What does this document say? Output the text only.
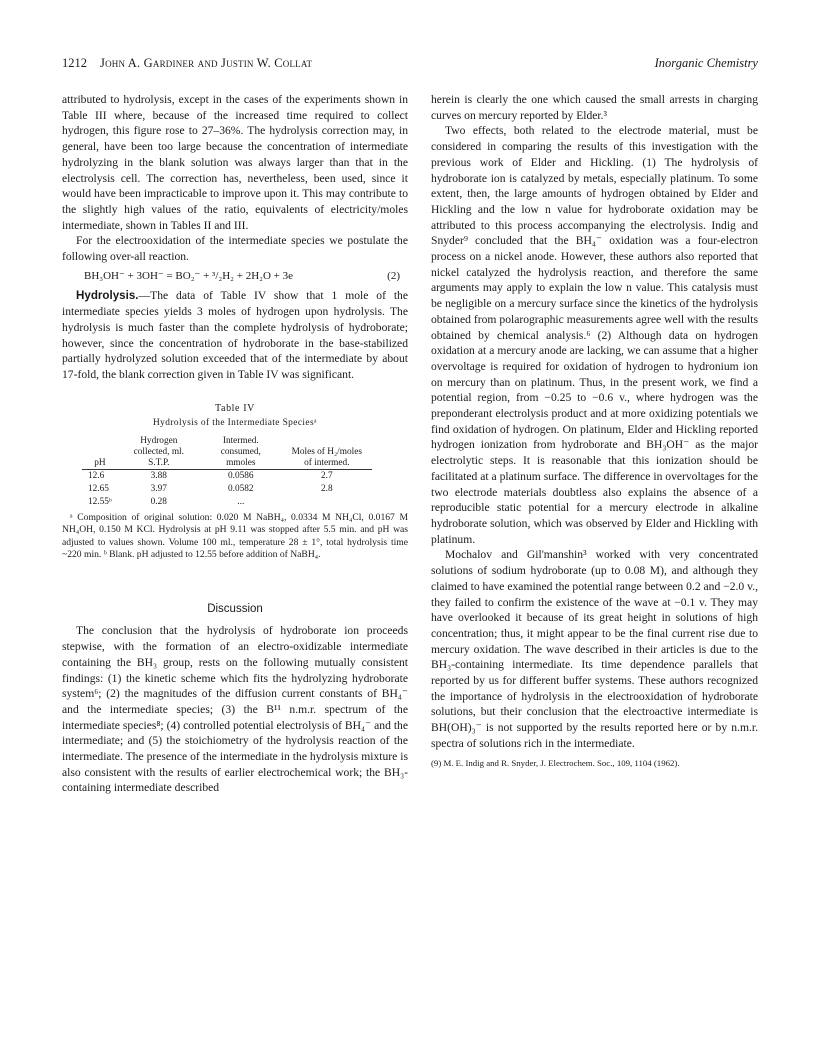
1212 John A. Gardiner and Justin W. Collat	Inorganic Chemistry

attributed to hydrolysis, except in the cases of the experiments shown in Table III where, because of the increased time required to collect hydrogen, this figure rose to 27–36%. The hydrolysis correction may, in general, have been too large because the concentration of intermediate hydrolyzing in the blank solution was always larger than that in the electrolysis cell. The correction has, nevertheless, been used, since it would have been impracticable to improve upon it. This may contribute to the slightly high values of the ratio, equivalents of electricity/moles intermediate, shown in Tables II and III.

For the electrooxidation of the intermediate species we postulate the following over-all reaction.

BH₃OH⁻ + 3OH⁻ = BO₂⁻ + ³/₂H₂ + 2H₂O + 3e	(2)

Hydrolysis.—The data of Table IV show that 1 mole of the intermediate species yields 3 moles of hydrogen upon hydrolysis. The hydrolysis is much faster than the complete hydrolysis of hydroborate; however, since the concentration of hydroborate in the base-stabilized partially hydrolyzed solution exceeded that of the intermediate by about 17-fold, the blank correction given in Table IV was significant.

Table IV
Hydrolysis of the Intermediate Speciesᵃ
pH	Hydrogen collected, ml. S.T.P.	Intermed. consumed, mmoles	Moles of H₂/moles of intermed.
12.6	3.88	0.0586	2.7
12.65	3.97	0.0582	2.8
12.55ᵇ	0.28	...	

ᵃ Composition of original solution: 0.020 M NaBH₄, 0.0334 M NH₄Cl, 0.0167 M NH₄OH, 0.150 M KCl. Hydrolysis at pH 9.11 was stopped after 5.5 min. and pH was adjusted to values shown. Volume 100 ml., temperature 28 ± 1°, total hydrolysis time ~220 min. ᵇ Blank. pH adjusted to 12.55 before addition of NaBH₄.

Discussion

The conclusion that the hydrolysis of hydroborate ion proceeds stepwise, with the formation of an electro-oxidizable intermediate containing the BH₃ group, rests on the following mutually consistent findings: (1) the kinetic scheme which fits the hydrolyzing hydroborate system⁶; (2) the magnitudes of the diffusion current constants of BH₄⁻ and the intermediate species; (3) the B¹¹ n.m.r. spectrum of the intermediate species⁸; (4) controlled potential electrolysis of BH₄⁻ and the intermediate; and (5) the stoichiometry of the hydrolysis reaction of the intermediate. The presence of the intermediate in the hydrolysis mixture is also consistent with the results of earlier electrochemical work; the BH₃-containing intermediate described

herein is clearly the one which caused the small arrests in charging curves on mercury reported by Elder.³

Two effects, both related to the electrode material, must be considered in comparing the results of this investigation with the previous work of Elder and Hickling. (1) The hydrolysis of hydroborate ion is catalyzed by metals, especially platinum. To some extent, then, the large amounts of hydrogen obtained by Elder and Hickling and the low n value for hydroborate oxidation may be attributed to this process accompanying the electrolysis. Indig and Snyder⁹ concluded that the BH₄⁻ oxidation was a four-electron process on a nickel anode. However, these authors also reported that nickel catalyzed the hydrolysis reaction, and therefore the same arguments may apply to explain the low n value. This catalysis must be negligible on a mercury surface since the kinetics of the hydrolysis obtained from polarographic measurements agree well with the results obtained by chemical analysis.⁶ (2) Although data on hydrogen oxidation at a mercury anode are lacking, we can assume that a higher overvoltage is required for oxidation of hydrogen to hydronium ion on mercury than on platinum. Thus, in the present work, we find a potential region, from −0.25 to −0.6 v., where hydrogen was the preponderant electrolysis product and at more oxidizing potentials we find oxidation of hydrogen. On platinum, Elder and Hickling reported hydrogen ionization from hydroborate and BH₃OH⁻ as the major electrolytic steps. It is reasonable that this ionization should be facilitated at a platinum surface. The difference in overvoltages for the two electrode materials doubtless also explains the absence of a reproducible static potential for a mercury electrode in alkaline hydroborate solution, which was observed by Elder and Hickling with platinum.

Mochalov and Gil'manshin³ worked with very concentrated solutions of sodium hydroborate (up to 0.08 M), and although they claimed to have examined the potential range between 0.2 and −2.0 v., they failed to confirm the existence of the wave at −0.1 v. They may have overlooked it because of its great height in solutions of high concentration; thus, it might appear to be the final current rise due to mercury oxidation. The wave described in their articles is due to the BH₃-containing intermediate. Its time dependence parallels that reported by us for different buffer systems. These authors recognized the importance of hydrolysis in the electrooxidation of hydroborate solutions, but their conclusion that the electroactive intermediate is BH(OH)₃⁻ is not supported by the results reported here or by n.m.r. spectra of solutions rich in the intermediate.

(9) M. E. Indig and R. Snyder, J. Electrochem. Soc., 109, 1104 (1962).
